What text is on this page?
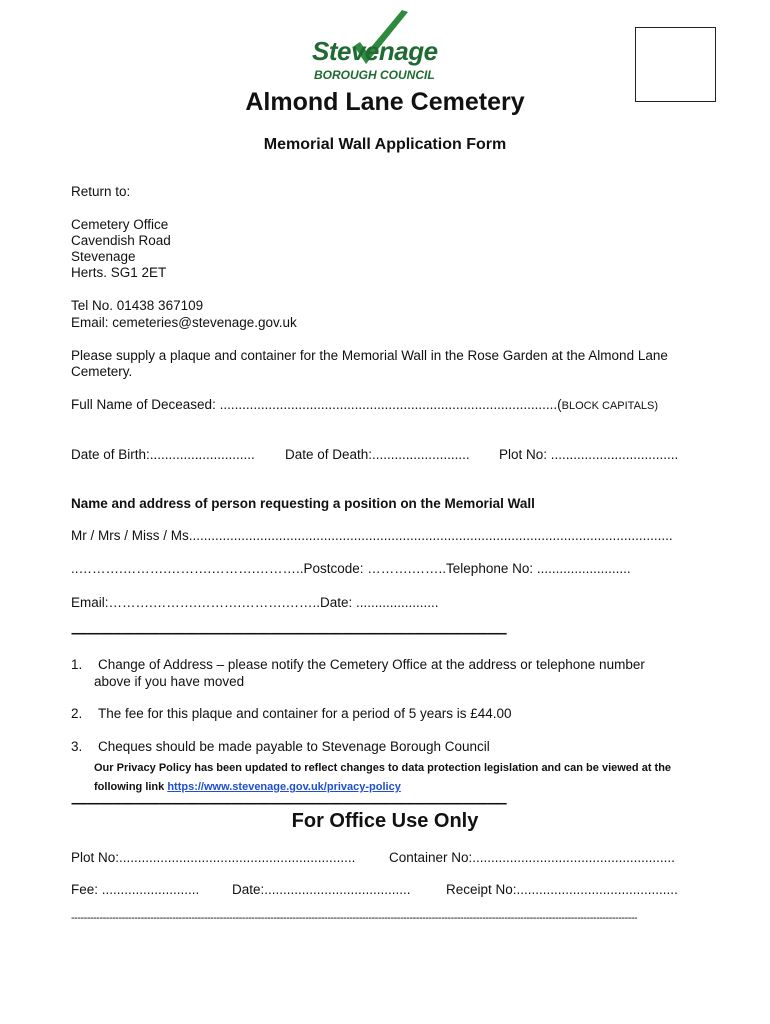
Stevenage
BOROUGH COUNCIL
Almond Lane Cemetery
Memorial Wall Application Form
Return to:
Cemetery Office
Cavendish Road
Stevenage
Herts. SG1 2ET
Tel No. 01438 367109
Email: cemeteries@stevenage.gov.uk
Please supply a plaque and container for the Memorial Wall in the Rose Garden at the Almond Lane
Cemetery.
Full Name of Deceased: ..........................................................................................(BLOCK CAPITALS)
Date of Birth:............................ Date of Death:.......................... Plot No: ..................................
Name and address of person requesting a position on the Memorial Wall
Mr / Mrs / Miss / Ms.................................................................................................................................
..……….……….……….……….………..Postcode: ……….……..Telephone No: .........................
Email:……….……….……….……….……..Date: ......................
-------------------------------------------------------------------------------------------------------------------------------------------
1. Change of Address – please notify the Cemetery Office at the address or telephone number
above if you have moved
2. The fee for this plaque and container for a period of 5 years is £44.00
3. Cheques should be made payable to Stevenage Borough Council
Our Privacy Policy has been updated to reflect changes to data protection legislation and can be viewed at the
following link https://www.stevenage.gov.uk/privacy-policy
-------------------------------------------------------------------------------------------------------------------------------------------
For Office Use Only
Plot No:............................................................... Container No:......................................................
Fee: .......................... Date:.......................................	Receipt No:...........................................
-----------------------------------------------------------------------------------------------------------------------------------------------------------------------------------
